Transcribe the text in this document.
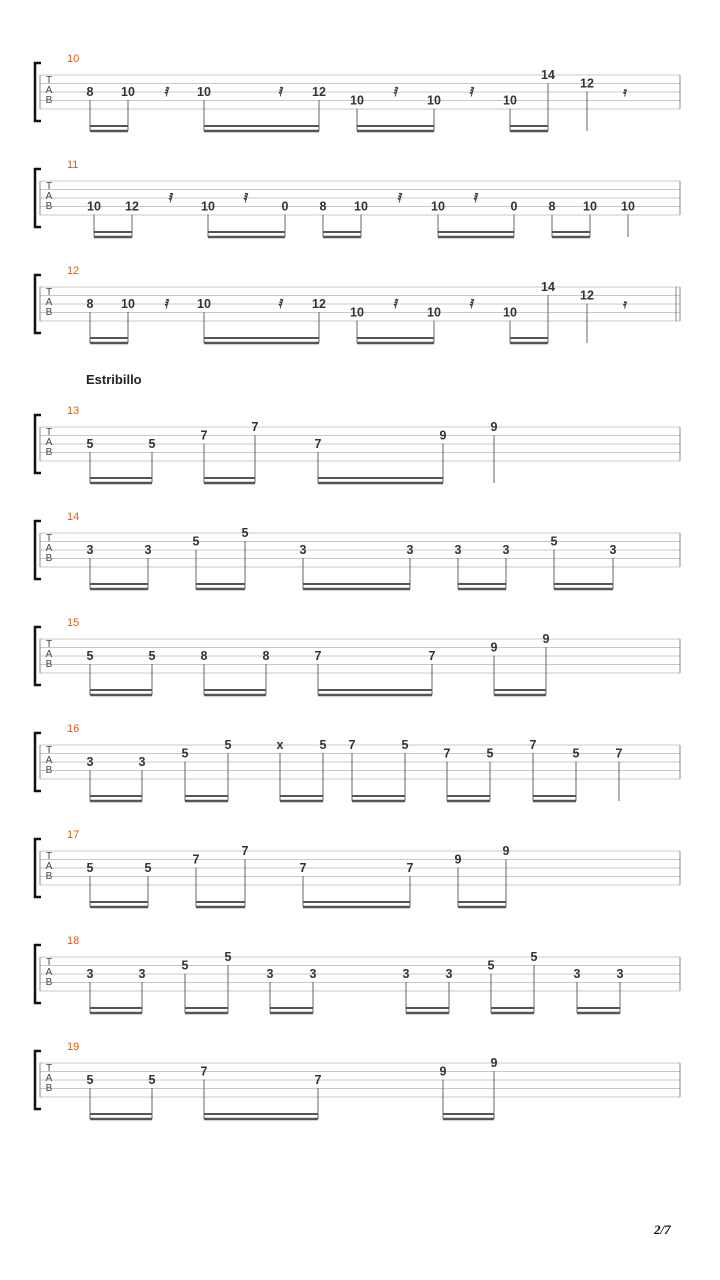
T
A
B
10
8 10 𝅀 10	𝅀 12
10
𝅀
10
𝅀
10
14
12
𝄿
T
A
B
11
10 12
𝅀
10
𝅀
0 8 10
𝅀
10
𝅀
0 8 10 10
T
A
B
12
8 10 𝅀 10	𝅀 12
10
𝅀
10
𝅀
10
14
12
𝄿
T
A
B
13
5	5
7
7
7
9
9
T
A
B
14
3	3
5
5
3	3	3	3
5
3
T
A
B
15
5	5	8	8	7	7
9
9
T
A
B
16
3	3
5
5	x	5 7	5
7	5
7
5	7
T
A
B
17
5	5
7
7
7	7
9
9
T
A
B
18
3	3
5
5
3	3	3	3
5
5
3	3
T
A
B
19
5	5
7
7
9
9
Estribillo
2/7
